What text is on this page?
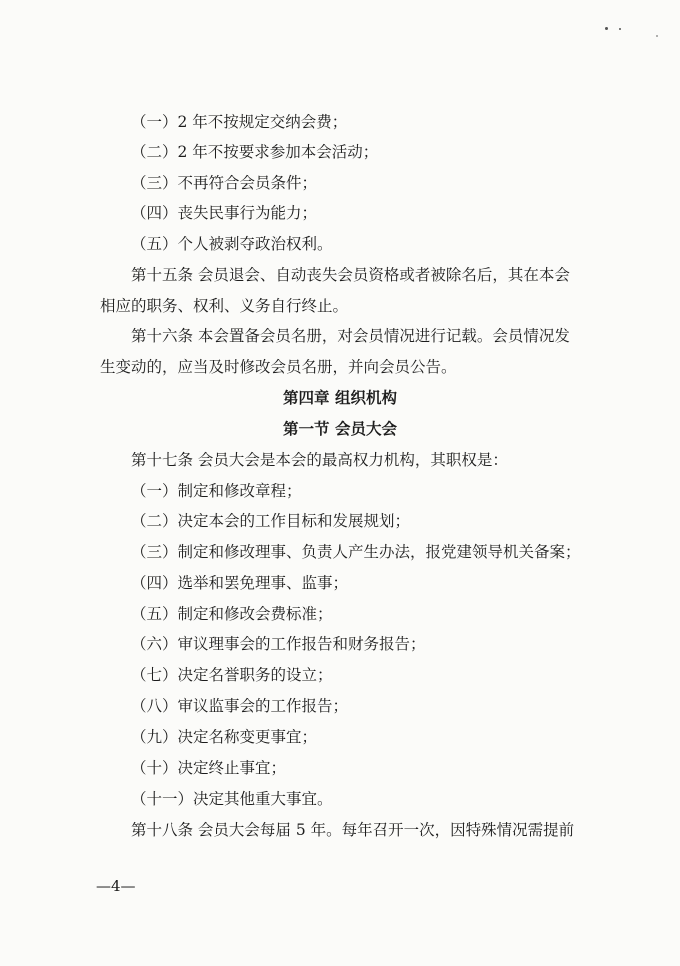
（一）2 年不按规定交纳会费；
（二）2 年不按要求参加本会活动；
（三）不再符合会员条件；
（四）丧失民事行为能力；
（五）个人被剥夺政治权利。
第十五条 会员退会、自动丧失会员资格或者被除名后，其在本会
相应的职务、权利、义务自行终止。
第十六条 本会置备会员名册，对会员情况进行记载。会员情况发
生变动的，应当及时修改会员名册，并向会员公告。
第四章 组织机构
第一节 会员大会
第十七条 会员大会是本会的最高权力机构，其职权是：
（一）制定和修改章程；
（二）决定本会的工作目标和发展规划；
（三）制定和修改理事、负责人产生办法，报党建领导机关备案；
（四）选举和罢免理事、监事；
（五）制定和修改会费标准；
（六）审议理事会的工作报告和财务报告；
（七）决定名誉职务的设立；
（八）审议监事会的工作报告；
（九）决定名称变更事宜；
（十）决定终止事宜；
（十一）决定其他重大事宜。
第十八条 会员大会每届 5 年。每年召开一次，因特殊情况需提前
—4—
